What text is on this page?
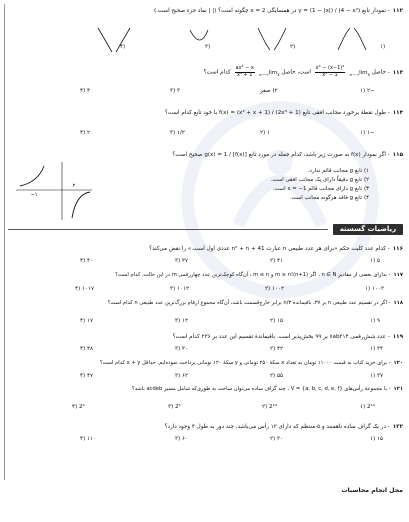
۱۱۲- نمودار تابع y = (1 − |x|) / (4 − x²) در همسایگی x = 2 چگونه است؟ (| | نماد جزء صحیح است.)
(۱
(۲
(۳
(۴
۱۱۳- حاصل $\lim_{x\to-\infty}$
$\frac{\text{x⁴ − (x−1)⁴}}{\text{x³ − 1}}$
است، حاصل $\lim_{x\to-\infty}$
$\frac{\text{ax³ − x}}{\text{x⁴ + 1}}$
کدام است؟
−۲ (۱
۲) صفر
۳ (۳
۴ (۴
۱۱۴- طول نقطهٔ برخورد مجانب افقی تابع f(x) = (x³ + x + 1) / (2x³ + 1) با خود تابع کدام است؟
−۱ (۱
۱ (۲
۱/۲ (۳
۲ (۴
۱۱۵- اگر نمودار f(x) به صورت زیر باشد، کدام جمله در مورد تابع g(x) = 1 / [f(x)] صحیح است؟
۱) تابع g مجانب قائم ندارد.
۲) تابع g دقیقاً دارای یک مجانب افقی است.
۳) تابع g دارای مجانب قائم x = −1 است.
۴) تابع g فاقد هرگونه مجانب است.
−۱
۲
ریاضیات گسسته
۱۱۶- کدام عدد کلیت حکم «برای هر عدد طبیعی n عبارت n² + n + 41 عددی اول است.» را نقض می‌کند؟
۵ (۱
۴۱ (۲
۳۷ (۳
۴۰ (۴
۱۱۷- بدازای بعضی از مقادیر n ∈ N ، اگر (n+1)!m ≥ n و m ≤ n ، آن‌گاه کوچک‌ترین عدد چهاررقمی m در این حالت، کدام است؟
۱۰۰۳ (۱
۱۰۰۲ (۲
۱۰۱۲ (۳
۱۰۱۷ (۴
۱۱۸- اگر در تقسیم عدد طبیعی n بر ۳۷، باقیمانده n/۳ برابر خارج‌قسمت باشد، آن‌گاه مجموع ارقام بزرگ‌ترین عدد طبیعی n کدام است؟
۹ (۱
۱۵ (۲
۱۲ (۳
۱۷ (۴
۱۱۹- عدد شش‌رقمی ۷ab۳۱۴ بر ۹۹ بخش‌پذیر است. باقیماندهٔ تقسیم این عدد بر ۲۳۶ کدام است؟
۳۴ (۱
۴۲ (۲
۳۰ (۳
۴۸ (۴
۱۲۰- برای خرید کتاب به قیمت ۱۱۰۰۰ تومان به تعداد x سکهٔ ۲۵۰ تومانی و y سکهٔ ۱۲۰ تومانی پرداخت نموده‌ایم. حداقل x + y کدام است؟
۳۷ (۱
۵۵ (۲
۶۲ (۳
۴۷ (۴
۱۲۱- با مجموعهٔ رأس‌های V = {a, b, c, d, e, f} ، چند گراف ساده می‌توان ساخت به طوری‌که شامل مسیر acdeb باشد؟
2¹⁰ (۱
2¹⁰ (۲
2⁵ (۳
2⁴ (۴
۱۲۲- در یک گراف ساده ناهمبند و ۵-منتظم که دارای ۱۲ رأس می‌باشد، چند دور به طول ۴ وجود دارد؟
۱۵ (۱
۳۰ (۲
۶۰ (۳
۱۱۰ (۴
محل انجام محاسبات
